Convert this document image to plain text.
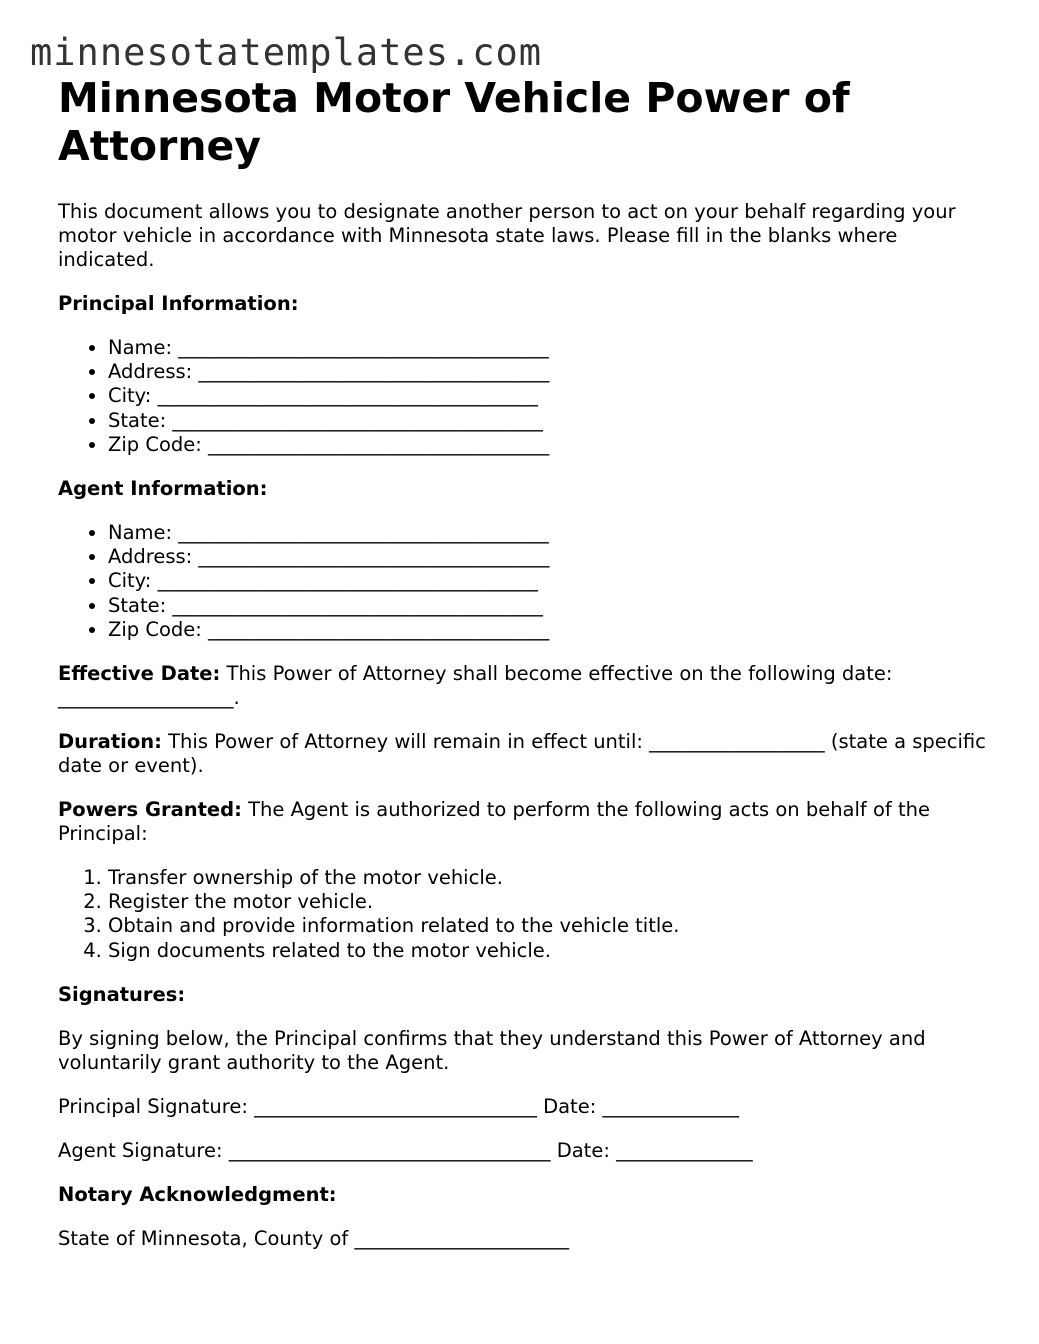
minnesotatemplates.com
Minnesota Motor Vehicle Power of Attorney

This document allows you to designate another person to act on your behalf regarding your motor vehicle in accordance with Minnesota state laws. Please fill in the blanks where indicated.

Principal Information:

• Name: ______________________________________
• Address: ____________________________________
• City: _______________________________________
• State: ______________________________________
• Zip Code: ___________________________________

Agent Information:

• Name: ______________________________________
• Address: ____________________________________
• City: _______________________________________
• State: ______________________________________
• Zip Code: ___________________________________

Effective Date: This Power of Attorney shall become effective on the following date: __________________.

Duration: This Power of Attorney will remain in effect until: __________________ (state a specific date or event).

Powers Granted: The Agent is authorized to perform the following acts on behalf of the Principal:

1. Transfer ownership of the motor vehicle.
2. Register the motor vehicle.
3. Obtain and provide information related to the vehicle title.
4. Sign documents related to the motor vehicle.

Signatures:

By signing below, the Principal confirms that they understand this Power of Attorney and voluntarily grant authority to the Agent.

Principal Signature: _____________________________ Date: ______________

Agent Signature: _________________________________ Date: ______________

Notary Acknowledgment:

State of Minnesota, County of ______________________
